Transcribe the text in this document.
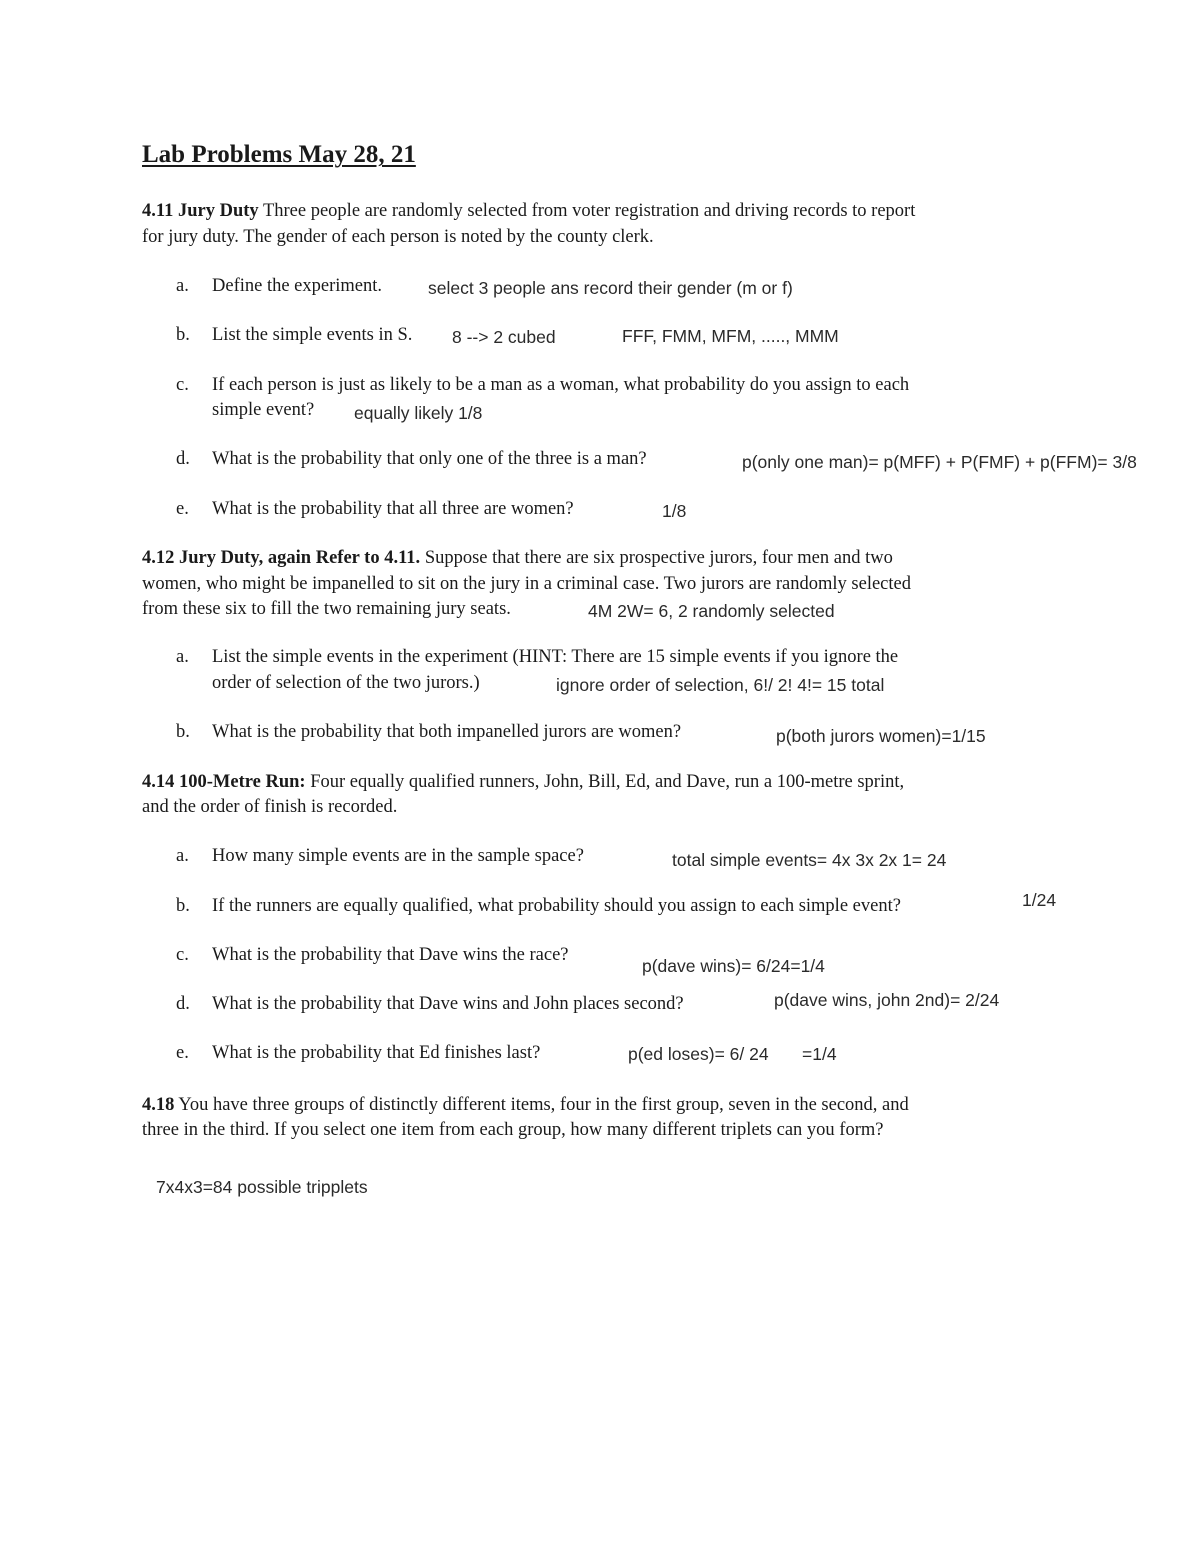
Lab Problems May 28, 21
4.11 Jury Duty Three people are randomly selected from voter registration and driving records to report
for jury duty. The gender of each person is noted by the county clerk.
a. Define the experiment.	select 3 people ans record their gender (m or f)
b. List the simple events in S. 8 --> 2 cubed	FFF, FMM, MFM, ....., MMM
c. If each person is just as likely to be a man as a woman, what probability do you assign to each
simple event? equally likely 1/8
d. What is the probability that only one of the three is a man?	p(only one man)= p(MFF) + P(FMF) + p(FFM)= 3/8
e. What is the probability that all three are women?	1/8
4.12 Jury Duty, again Refer to 4.11. Suppose that there are six prospective jurors, four men and two
women, who might be impanelled to sit on the jury in a criminal case. Two jurors are randomly selected
from these six to fill the two remaining jury seats.	4M 2W= 6, 2 randomly selected
a. List the simple events in the experiment (HINT: There are 15 simple events if you ignore the
order of selection of the two jurors.)	ignore order of selection, 6!/ 2! 4!= 15 total
b. What is the probability that both impanelled jurors are women?	p(both jurors women)=1/15
4.14 100-Metre Run: Four equally qualified runners, John, Bill, Ed, and Dave, run a 100-metre sprint,
and the order of finish is recorded.
a. How many simple events are in the sample space?	total simple events= 4x 3x 2x 1= 24
b. If the runners are equally qualified, what probability should you assign to each simple event?	1/24
c. What is the probability that Dave wins the race?
p(dave wins)= 6/24=1/4
d. What is the probability that Dave wins and John places second?	p(dave wins, john 2nd)= 2/24
e. What is the probability that Ed finishes last?	p(ed loses)= 6/ 24 =1/4
4.18 You have three groups of distinctly different items, four in the first group, seven in the second, and
three in the third. If you select one item from each group, how many different triplets can you form?
7x4x3=84 possible tripplets
